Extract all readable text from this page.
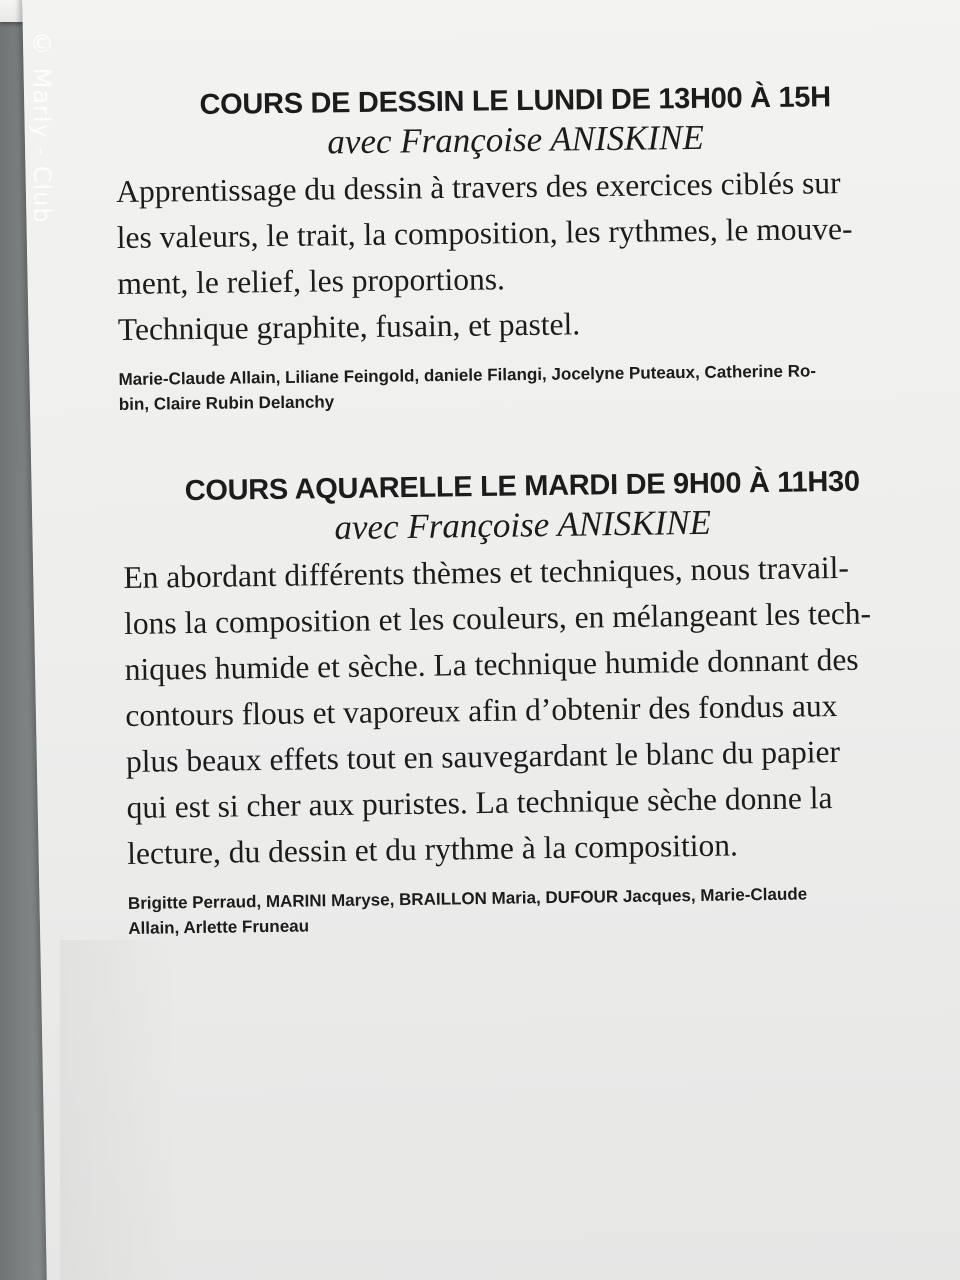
© Marly - Club	COURS DE DESSIN LE LUNDI DE 13H00 À 15H
avec Françoise ANISKINE

Apprentissage du dessin à travers des exercices ciblés sur

les valeurs, le trait, la composition, les rythmes, le mouve-

ment, le relief, les proportions.

Technique graphite, fusain, et pastel.

Marie-Claude Allain, Liliane Feingold, daniele Filangi, Jocelyne Puteaux, Catherine Ro-
bin, Claire Rubin Delanchy
COURS AQUARELLE LE MARDI DE 9H00 À 11H30
avec Françoise ANISKINE

En abordant différents thèmes et techniques, nous travail-

lons la composition et les couleurs, en mélangeant les tech-

niques humide et sèche. La technique humide donnant des

contours flous et vaporeux afin d’obtenir des fondus aux

plus beaux effets tout en sauvegardant le blanc du papier

qui est si cher aux puristes. La technique sèche donne la

lecture, du dessin et du rythme à la composition.

Brigitte Perraud, MARINI Maryse, BRAILLON Maria, DUFOUR Jacques, Marie-Claude
Allain, Arlette Fruneau
